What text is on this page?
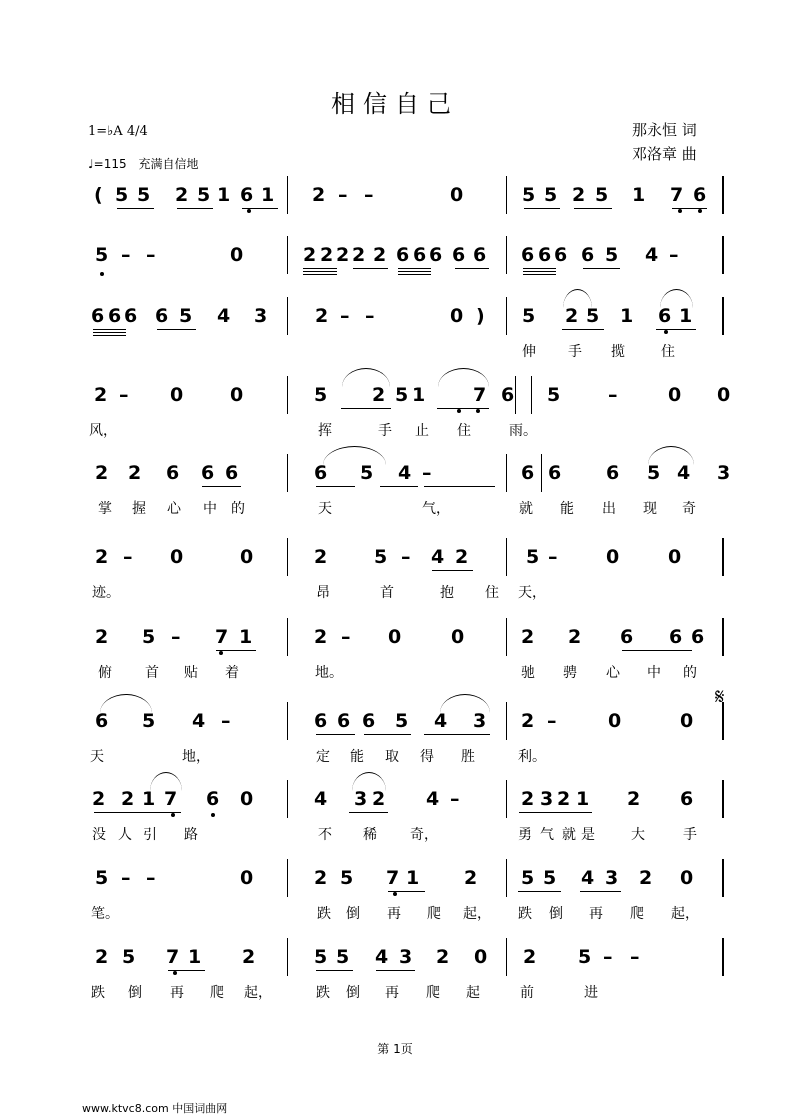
相信自己
那永恒 词
邓洛章 曲
1=♭A 4/4
♩=115 充满自信地
( 5 5 2 5 1 6 1 2 – –	0	5 5 2 5 1 7 6
5 – –	0	2 2 2 2 2 6 6 6 6 6 6 6 6 6 5 4 –
6 6 6 6 5 4 3	2 – –	0 ) 5 2 5 1 6 1
伸 手 揽	住
2 – 0 0	5 2 5 1	7 6 5	–	0 0
风，	挥	手 止 住	雨。
2 2 6 6 6	6 5 4 –	6 6 6 5 4 3
掌 握 心 中 的	天	气，	就 能 出 现 奇
2 – 0	0	2 5 – 4 2	5 –	0	0
迹。	昂	首	抱 住 天，
2 5 – 7 1	2 – 0	0	2 2 6 6 6
俯 首 贴 着	地。	驰 骋 心 中 的
6 5 4 –	6 6 6 5 4 3 2 –	0	0
天	地，	定 能 取 得 胜	利。
2 2 1 7 6 0	4 3 2 4 –	2 3 2 1 2 6
没 人 引 路	不 稀 奇，	勇 气 就 是	大	手
5 – –	0	2 5 7 1 2 5 5 4 3 2 0
笔。	跌 倒 再 爬 起， 跌 倒 再 爬 起，
2 5 7 1 2	5 5 4 3 2 0 2 5 – –
跌 倒 再 爬 起，	跌 倒 再 爬 起	前	进
𝄋
第 1页
www.ktvc8.com 中国词曲网
